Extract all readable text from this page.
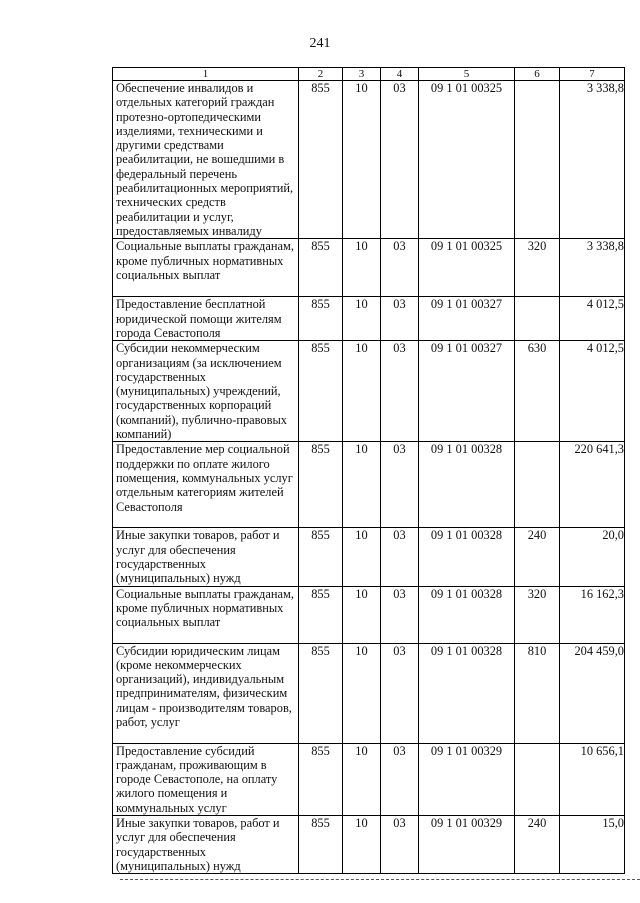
241
1	2	3	4	5	6	7
Обеспечение инвалидов и отдельных категорий граждан протезно-ортопедическими изделиями, техническими и другими средствами реабилитации, не вошедшими в федеральный перечень реабилитационных мероприятий, технических средств реабилитации и услуг, предоставляемых инвалиду	855	10	03	09 1 01 00325		3 338,8
Социальные выплаты гражданам, кроме публичных нормативных социальных выплат	855	10	03	09 1 01 00325	320	3 338,8
Предоставление бесплатной юридической помощи жителям города Севастополя	855	10	03	09 1 01 00327		4 012,5
Субсидии некоммерческим организациям (за исключением государственных (муниципальных) учреждений, государственных корпораций (компаний), публично-правовых компаний)	855	10	03	09 1 01 00327	630	4 012,5
Предоставление мер социальной поддержки по оплате жилого помещения, коммунальных услуг отдельным категориям жителей Севастополя	855	10	03	09 1 01 00328		220 641,3
Иные закупки товаров, работ и услуг для обеспечения государственных (муниципальных) нужд	855	10	03	09 1 01 00328	240	20,0
Социальные выплаты гражданам, кроме публичных нормативных социальных выплат	855	10	03	09 1 01 00328	320	16 162,3
Субсидии юридическим лицам (кроме некоммерческих организаций), индивидуальным предпринимателям, физическим лицам - производителям товаров, работ, услуг	855	10	03	09 1 01 00328	810	204 459,0
Предоставление субсидий гражданам, проживающим в городе Севастополе, на оплату жилого помещения и коммунальных услуг	855	10	03	09 1 01 00329		10 656,1
Иные закупки товаров, работ и услуг для обеспечения государственных (муниципальных) нужд	855	10	03	09 1 01 00329	240	15,0
